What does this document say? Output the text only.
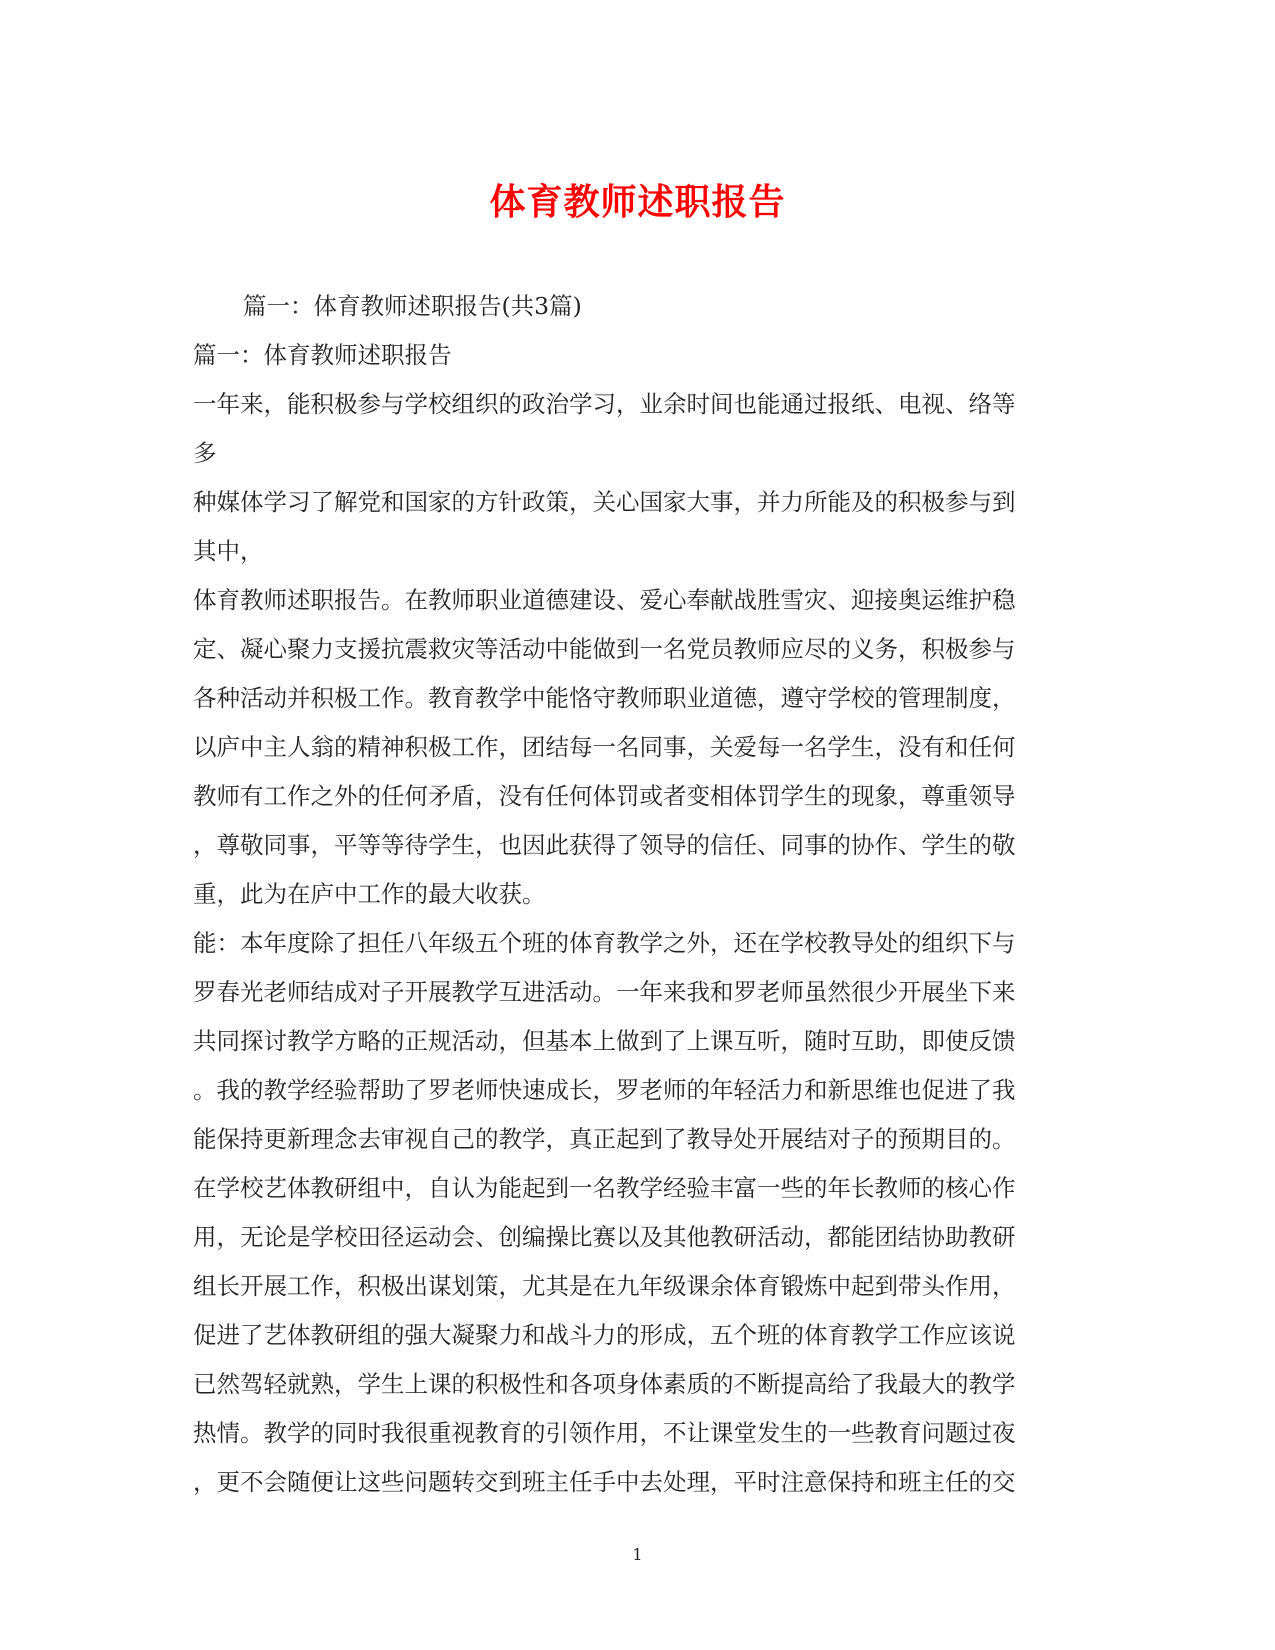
体育教师述职报告
篇一：体育教师述职报告(共3篇)
篇一：体育教师述职报告
一年来，能积极参与学校组织的政治学习，业余时间也能通过报纸、电视、络等
多
种媒体学习了解党和国家的方针政策，关心国家大事，并力所能及的积极参与到
其中，
体育教师述职报告。在教师职业道德建设、爱心奉献战胜雪灾、迎接奥运维护稳
定、凝心聚力支援抗震救灾等活动中能做到一名党员教师应尽的义务，积极参与
各种活动并积极工作。教育教学中能恪守教师职业道德，遵守学校的管理制度，
以庐中主人翁的精神积极工作，团结每一名同事，关爱每一名学生，没有和任何
教师有工作之外的任何矛盾，没有任何体罚或者变相体罚学生的现象，尊重领导
，尊敬同事，平等等待学生，也因此获得了领导的信任、同事的协作、学生的敬
重，此为在庐中工作的最大收获。
能：本年度除了担任八年级五个班的体育教学之外，还在学校教导处的组织下与
罗春光老师结成对子开展教学互进活动。一年来我和罗老师虽然很少开展坐下来
共同探讨教学方略的正规活动，但基本上做到了上课互听，随时互助，即使反馈
。我的教学经验帮助了罗老师快速成长，罗老师的年轻活力和新思维也促进了我
能保持更新理念去审视自己的教学，真正起到了教导处开展结对子的预期目的。
在学校艺体教研组中，自认为能起到一名教学经验丰富一些的年长教师的核心作
用，无论是学校田径运动会、创编操比赛以及其他教研活动，都能团结协助教研
组长开展工作，积极出谋划策，尤其是在九年级课余体育锻炼中起到带头作用，
促进了艺体教研组的强大凝聚力和战斗力的形成，五个班的体育教学工作应该说
已然驾轻就熟，学生上课的积极性和各项身体素质的不断提高给了我最大的教学
热情。教学的同时我很重视教育的引领作用，不让课堂发生的一些教育问题过夜
，更不会随便让这些问题转交到班主任手中去处理，平时注意保持和班主任的交
1
